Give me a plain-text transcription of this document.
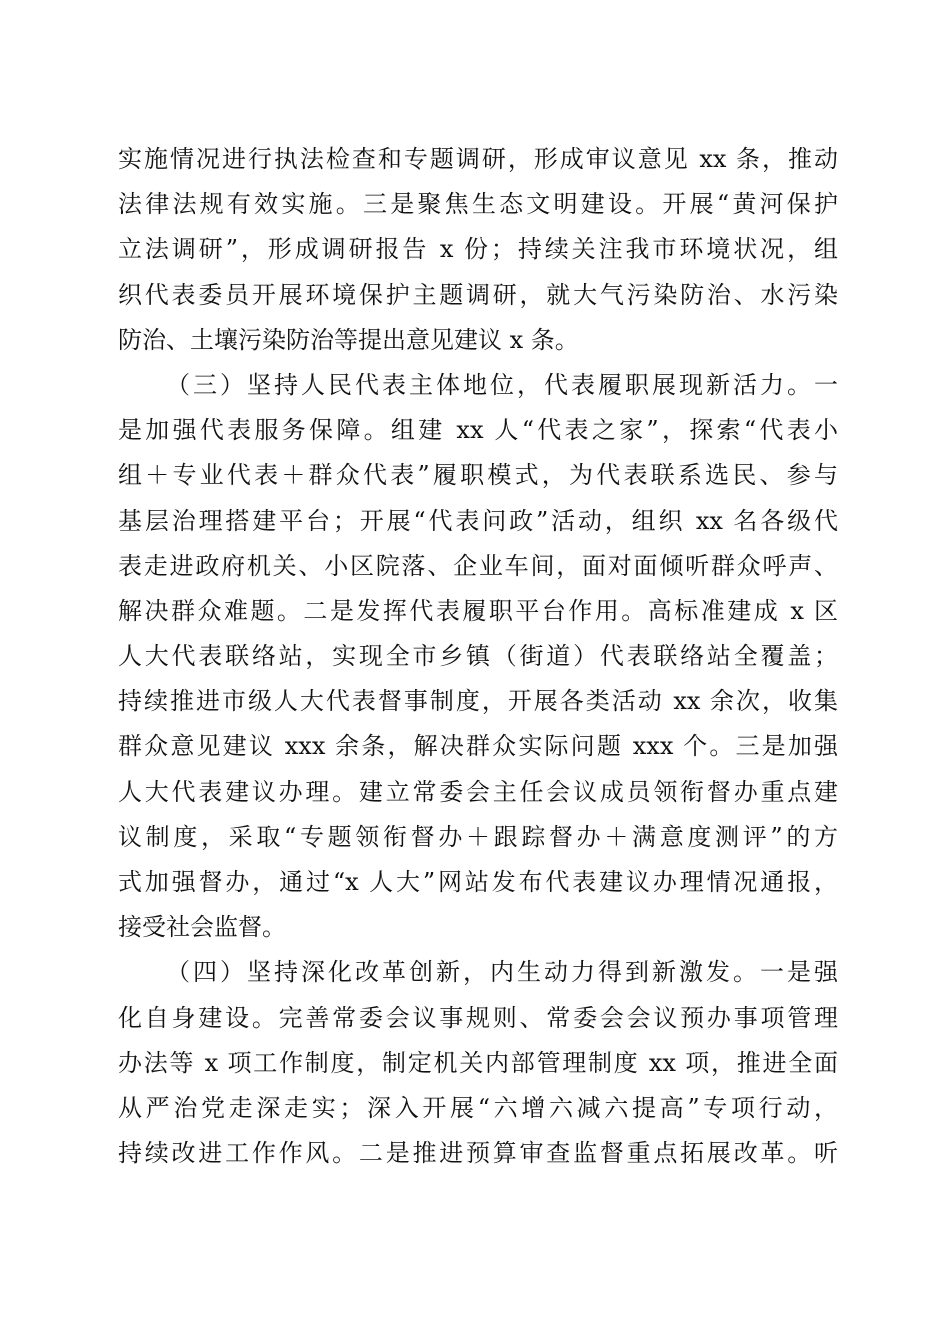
实施情况进行执法检查和专题调研，形成审议意见 xx 条，推动
法律法规有效实施。三是聚焦生态文明建设。开展“黄河保护
立法调研”，形成调研报告 x 份；持续关注我市环境状况，组
织代表委员开展环境保护主题调研，就大气污染防治、水污染
防治、土壤污染防治等提出意见建议 x 条。
（三）坚持人民代表主体地位，代表履职展现新活力。一
是加强代表服务保障。组建 xx 人“代表之家”，探索“代表小
组＋专业代表＋群众代表”履职模式，为代表联系选民、参与
基层治理搭建平台；开展“代表问政”活动，组织 xx 名各级代
表走进政府机关、小区院落、企业车间，面对面倾听群众呼声、
解决群众难题。二是发挥代表履职平台作用。高标准建成 x 区
人大代表联络站，实现全市乡镇（街道）代表联络站全覆盖；
持续推进市级人大代表督事制度，开展各类活动 xx 余次，收集
群众意见建议 xxx 余条，解决群众实际问题 xxx 个。三是加强
人大代表建议办理。建立常委会主任会议成员领衔督办重点建
议制度，采取“专题领衔督办＋跟踪督办＋满意度测评”的方
式加强督办，通过“x 人大”网站发布代表建议办理情况通报，
接受社会监督。
（四）坚持深化改革创新，内生动力得到新激发。一是强
化自身建设。完善常委会议事规则、常委会会议预办事项管理
办法等 x 项工作制度，制定机关内部管理制度 xx 项，推进全面
从严治党走深走实；深入开展“六增六减六提高”专项行动，
持续改进工作作风。二是推进预算审查监督重点拓展改革。听
